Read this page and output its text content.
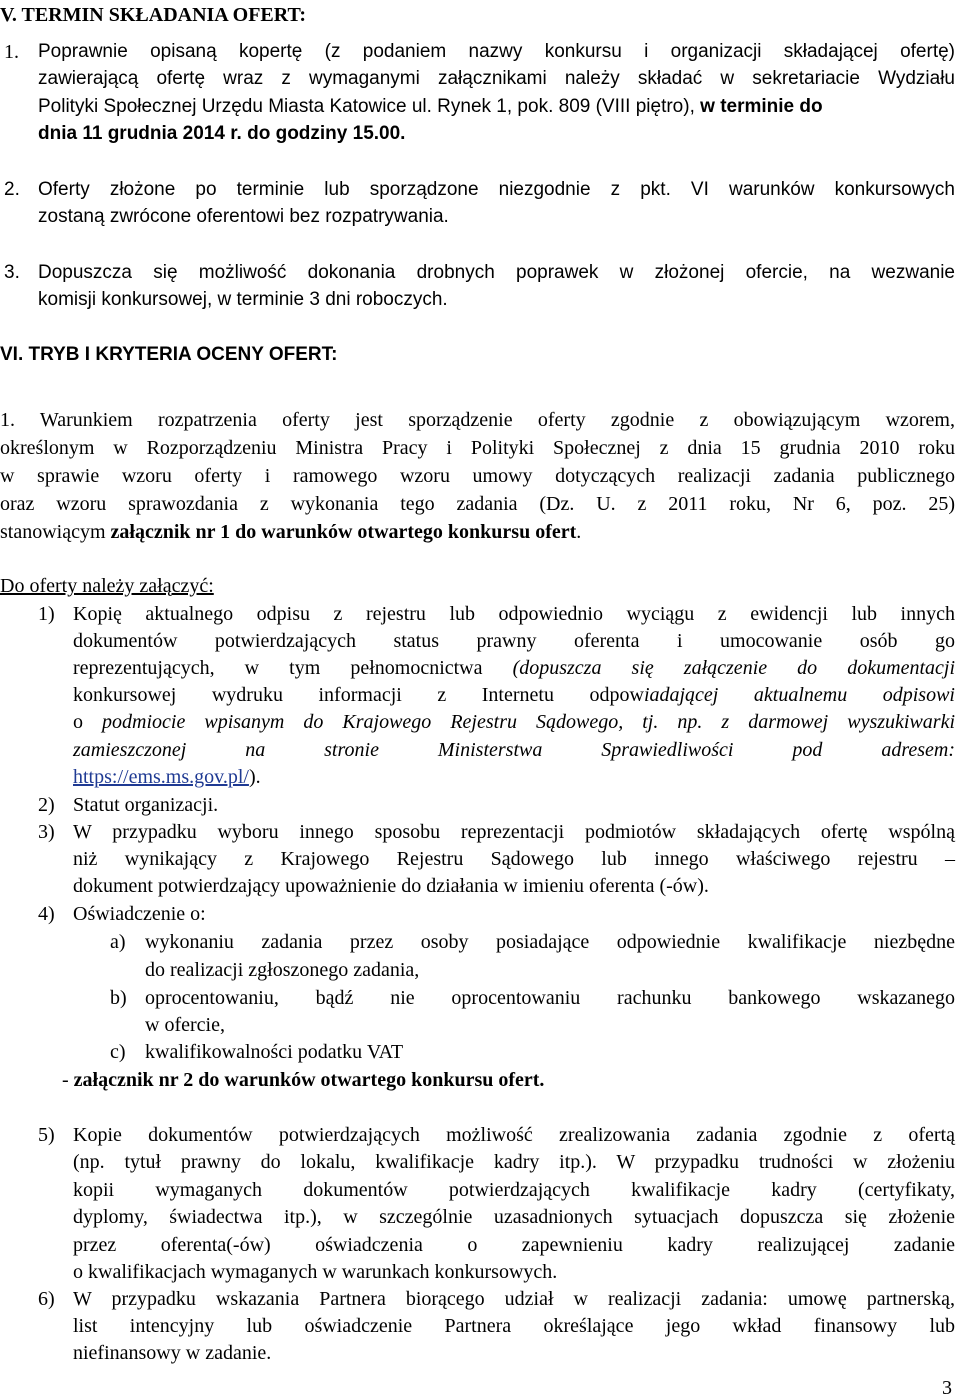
V. TERMIN SKŁADANIA OFERT:
1. Poprawnie opisaną kopertę (z podaniem nazwy konkursu i organizacji składającej ofertę)
zawierającą ofertę wraz z wymaganymi załącznikami należy składać w sekretariacie Wydziału
Polityki Społecznej Urzędu Miasta Katowice ul. Rynek 1, pok. 809 (VIII piętro), w terminie do
dnia 11 grudnia 2014 r. do godziny 15.00.
2. Oferty złożone po terminie lub sporządzone niezgodnie z pkt. VI warunków konkursowych
zostaną zwrócone oferentowi bez rozpatrywania.
3. Dopuszcza się możliwość dokonania drobnych poprawek w złożonej ofercie, na wezwanie
komisji konkursowej, w terminie 3 dni roboczych.
VI. TRYB I KRYTERIA OCENY OFERT:
1. Warunkiem rozpatrzenia oferty jest sporządzenie oferty zgodnie z obowiązującym wzorem,
określonym w Rozporządzeniu Ministra Pracy i Polityki Społecznej z dnia 15 grudnia 2010 roku
w sprawie wzoru oferty i ramowego wzoru umowy dotyczących realizacji zadania publicznego
oraz wzoru sprawozdania z wykonania tego zadania (Dz. U. z 2011 roku, Nr 6, poz. 25)
stanowiącym załącznik nr 1 do warunków otwartego konkursu ofert.
Do oferty należy załączyć:
1) Kopię aktualnego odpisu z rejestru lub odpowiednio wyciągu z ewidencji lub innych
dokumentów potwierdzających status prawny oferenta i umocowanie osób go
reprezentujących, w tym pełnomocnictwa (dopuszcza się załączenie do dokumentacji
konkursowej wydruku informacji z Internetu odpowiadającej aktualnemu odpisowi
o podmiocie wpisanym do Krajowego Rejestru Sądowego, tj. np. z darmowej wyszukiwarki
zamieszczonej na stronie Ministerstwa Sprawiedliwości pod adresem:
https://ems.ms.gov.pl/).
2) Statut organizacji.
3) W przypadku wyboru innego sposobu reprezentacji podmiotów składających ofertę wspólną
niż wynikający z Krajowego Rejestru Sądowego lub innego właściwego rejestru –
dokument potwierdzający upoważnienie do działania w imieniu oferenta (-ów).
4) Oświadczenie o:
a) wykonaniu zadania przez osoby posiadające odpowiednie kwalifikacje niezbędne
do realizacji zgłoszonego zadania,
b) oprocentowaniu, bądź nie oprocentowaniu rachunku bankowego wskazanego
w ofercie,
c) kwalifikowalności podatku VAT
- załącznik nr 2 do warunków otwartego konkursu ofert.
5) Kopie dokumentów potwierdzających możliwość zrealizowania zadania zgodnie z ofertą
(np. tytuł prawny do lokalu, kwalifikacje kadry itp.). W przypadku trudności w złożeniu
kopii wymaganych dokumentów potwierdzających kwalifikacje kadry (certyfikaty,
dyplomy, świadectwa itp.), w szczególnie uzasadnionych sytuacjach dopuszcza się złożenie
przez oferenta(-ów) oświadczenia o zapewnieniu kadry realizującej zadanie
o kwalifikacjach wymaganych w warunkach konkursowych.
6) W przypadku wskazania Partnera biorącego udział w realizacji zadania: umowę partnerską,
list intencyjny lub oświadczenie Partnera określające jego wkład finansowy lub
niefinansowy w zadanie.
3
